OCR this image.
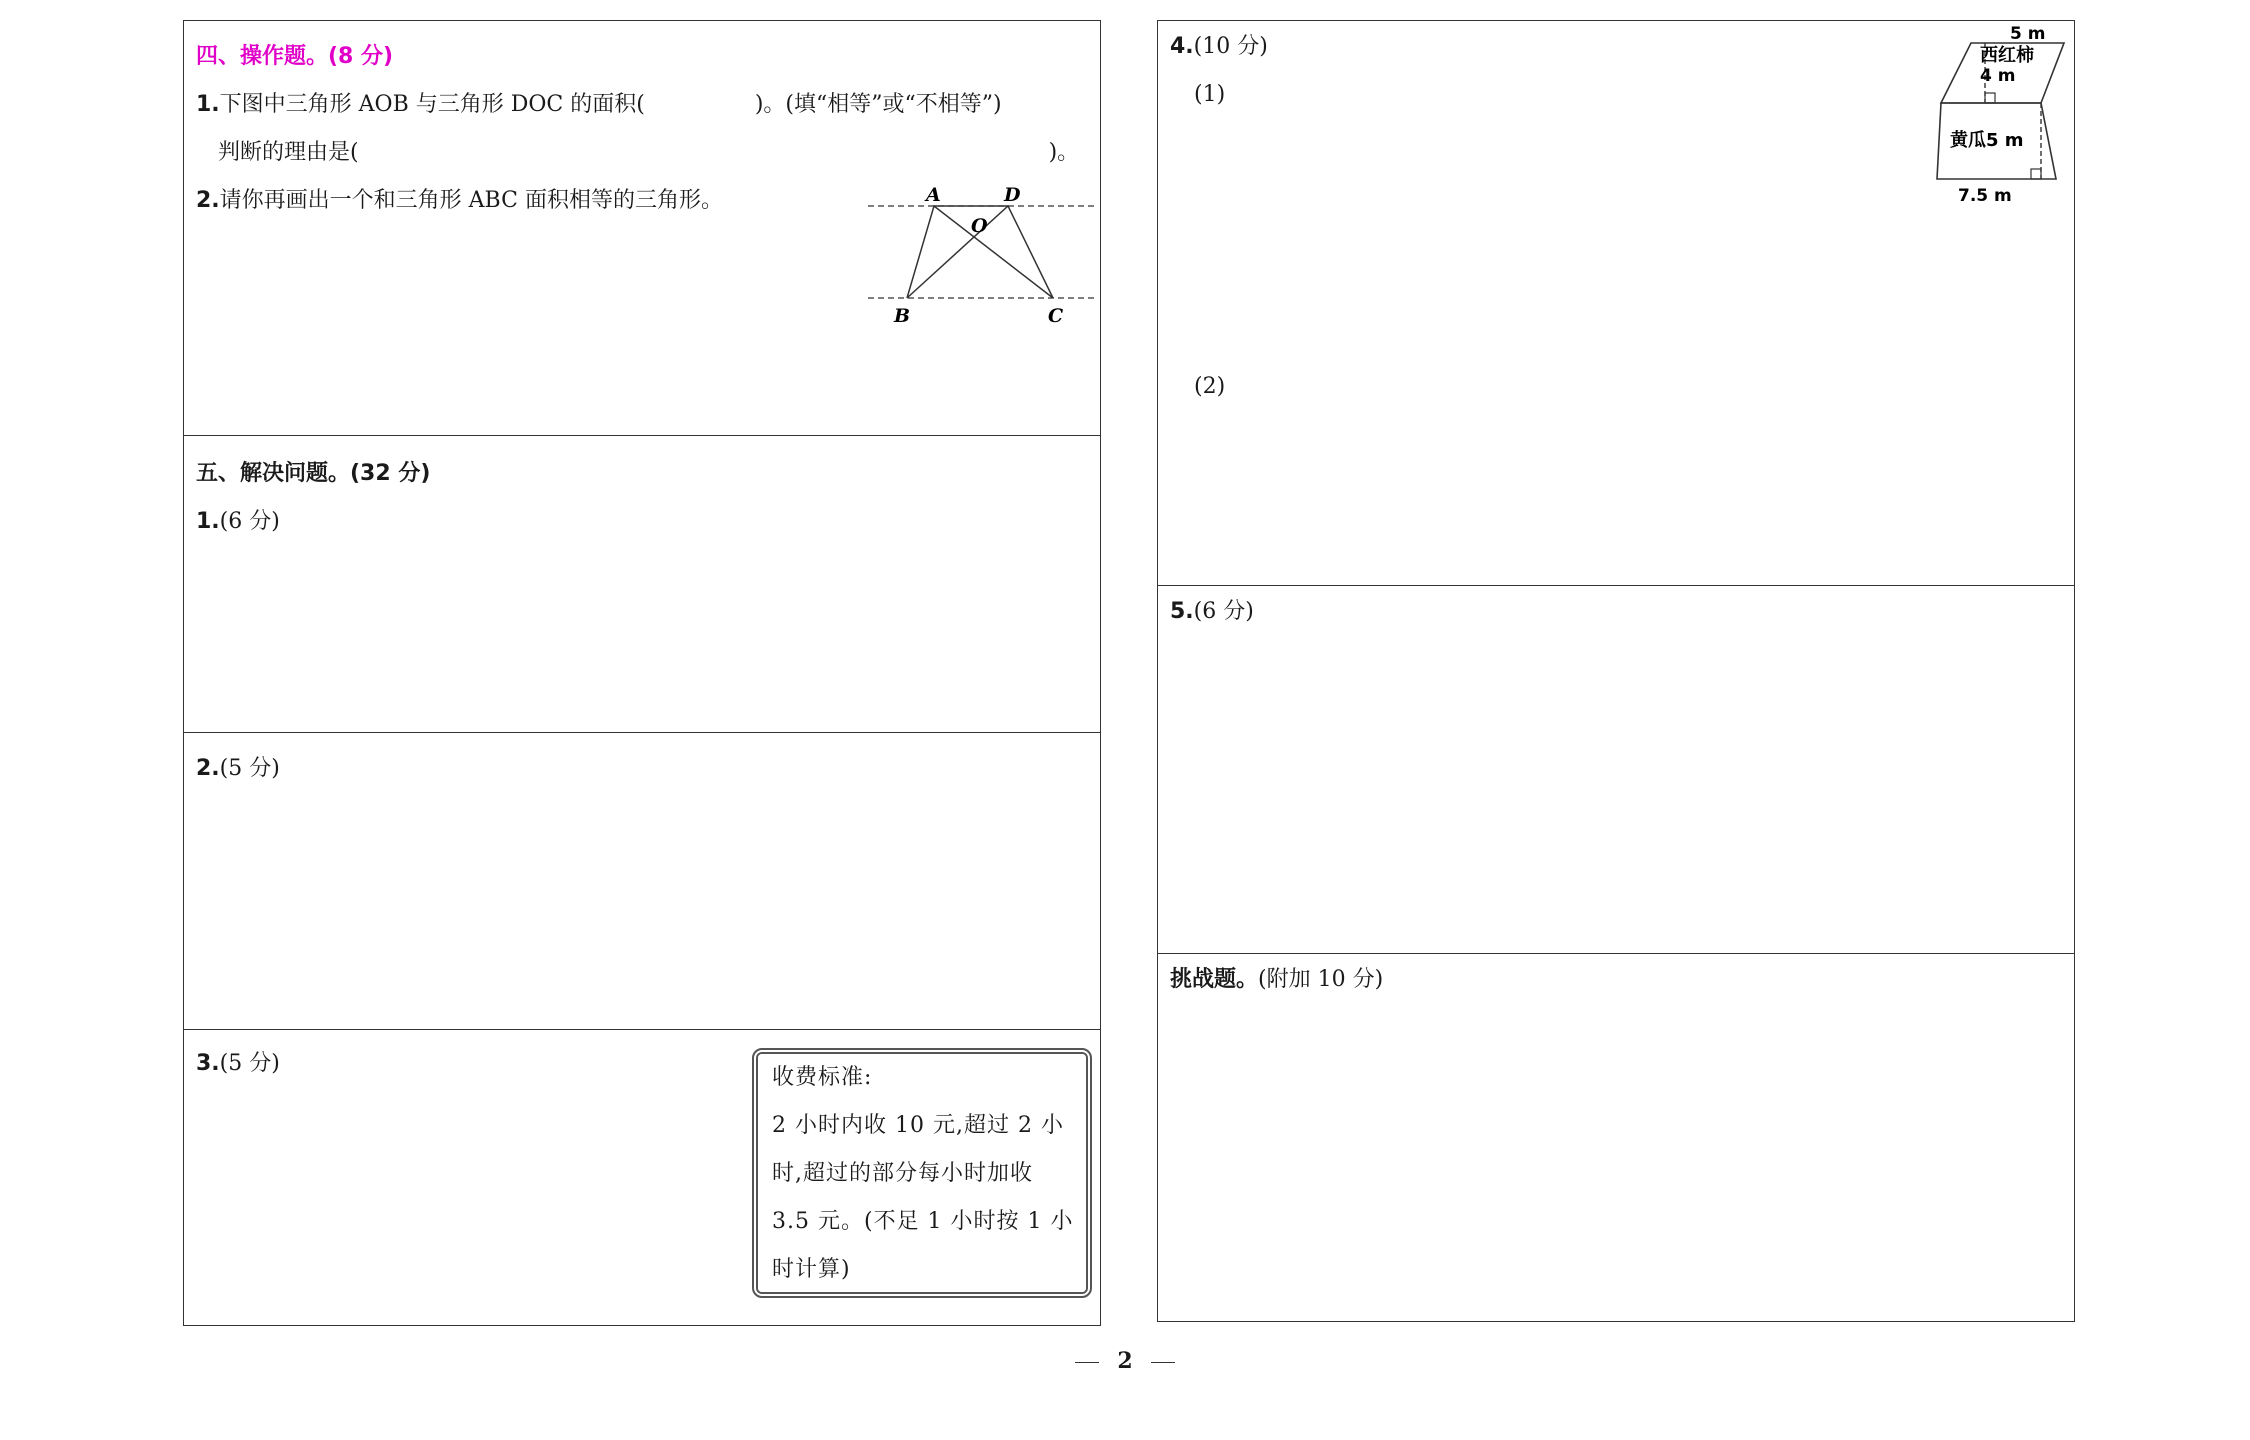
四、操作题。(8 分)
1.下图中三角形 AOB 与三角形 DOC 的面积(	)。(填“相等”或“不相等”)
判断的理由是(	)。
2.请你再画出一个和三角形 ABC 面积相等的三角形。	A	D
O
B	C
五、解决问题。(32 分)
1.(6 分)
2.(5 分)
3.(5 分)
收费标准:
2 小时内收 10 元,超过 2 小
时,超过的部分每小时加收
3.5 元。(不足 1 小时按 1 小
时计算)
4.(10 分)
(1)
(2)
5 m
西红柿
4 m
黄瓜5 m
7.5 m
5.(6 分)
挑战题。(附加 10 分)
2
